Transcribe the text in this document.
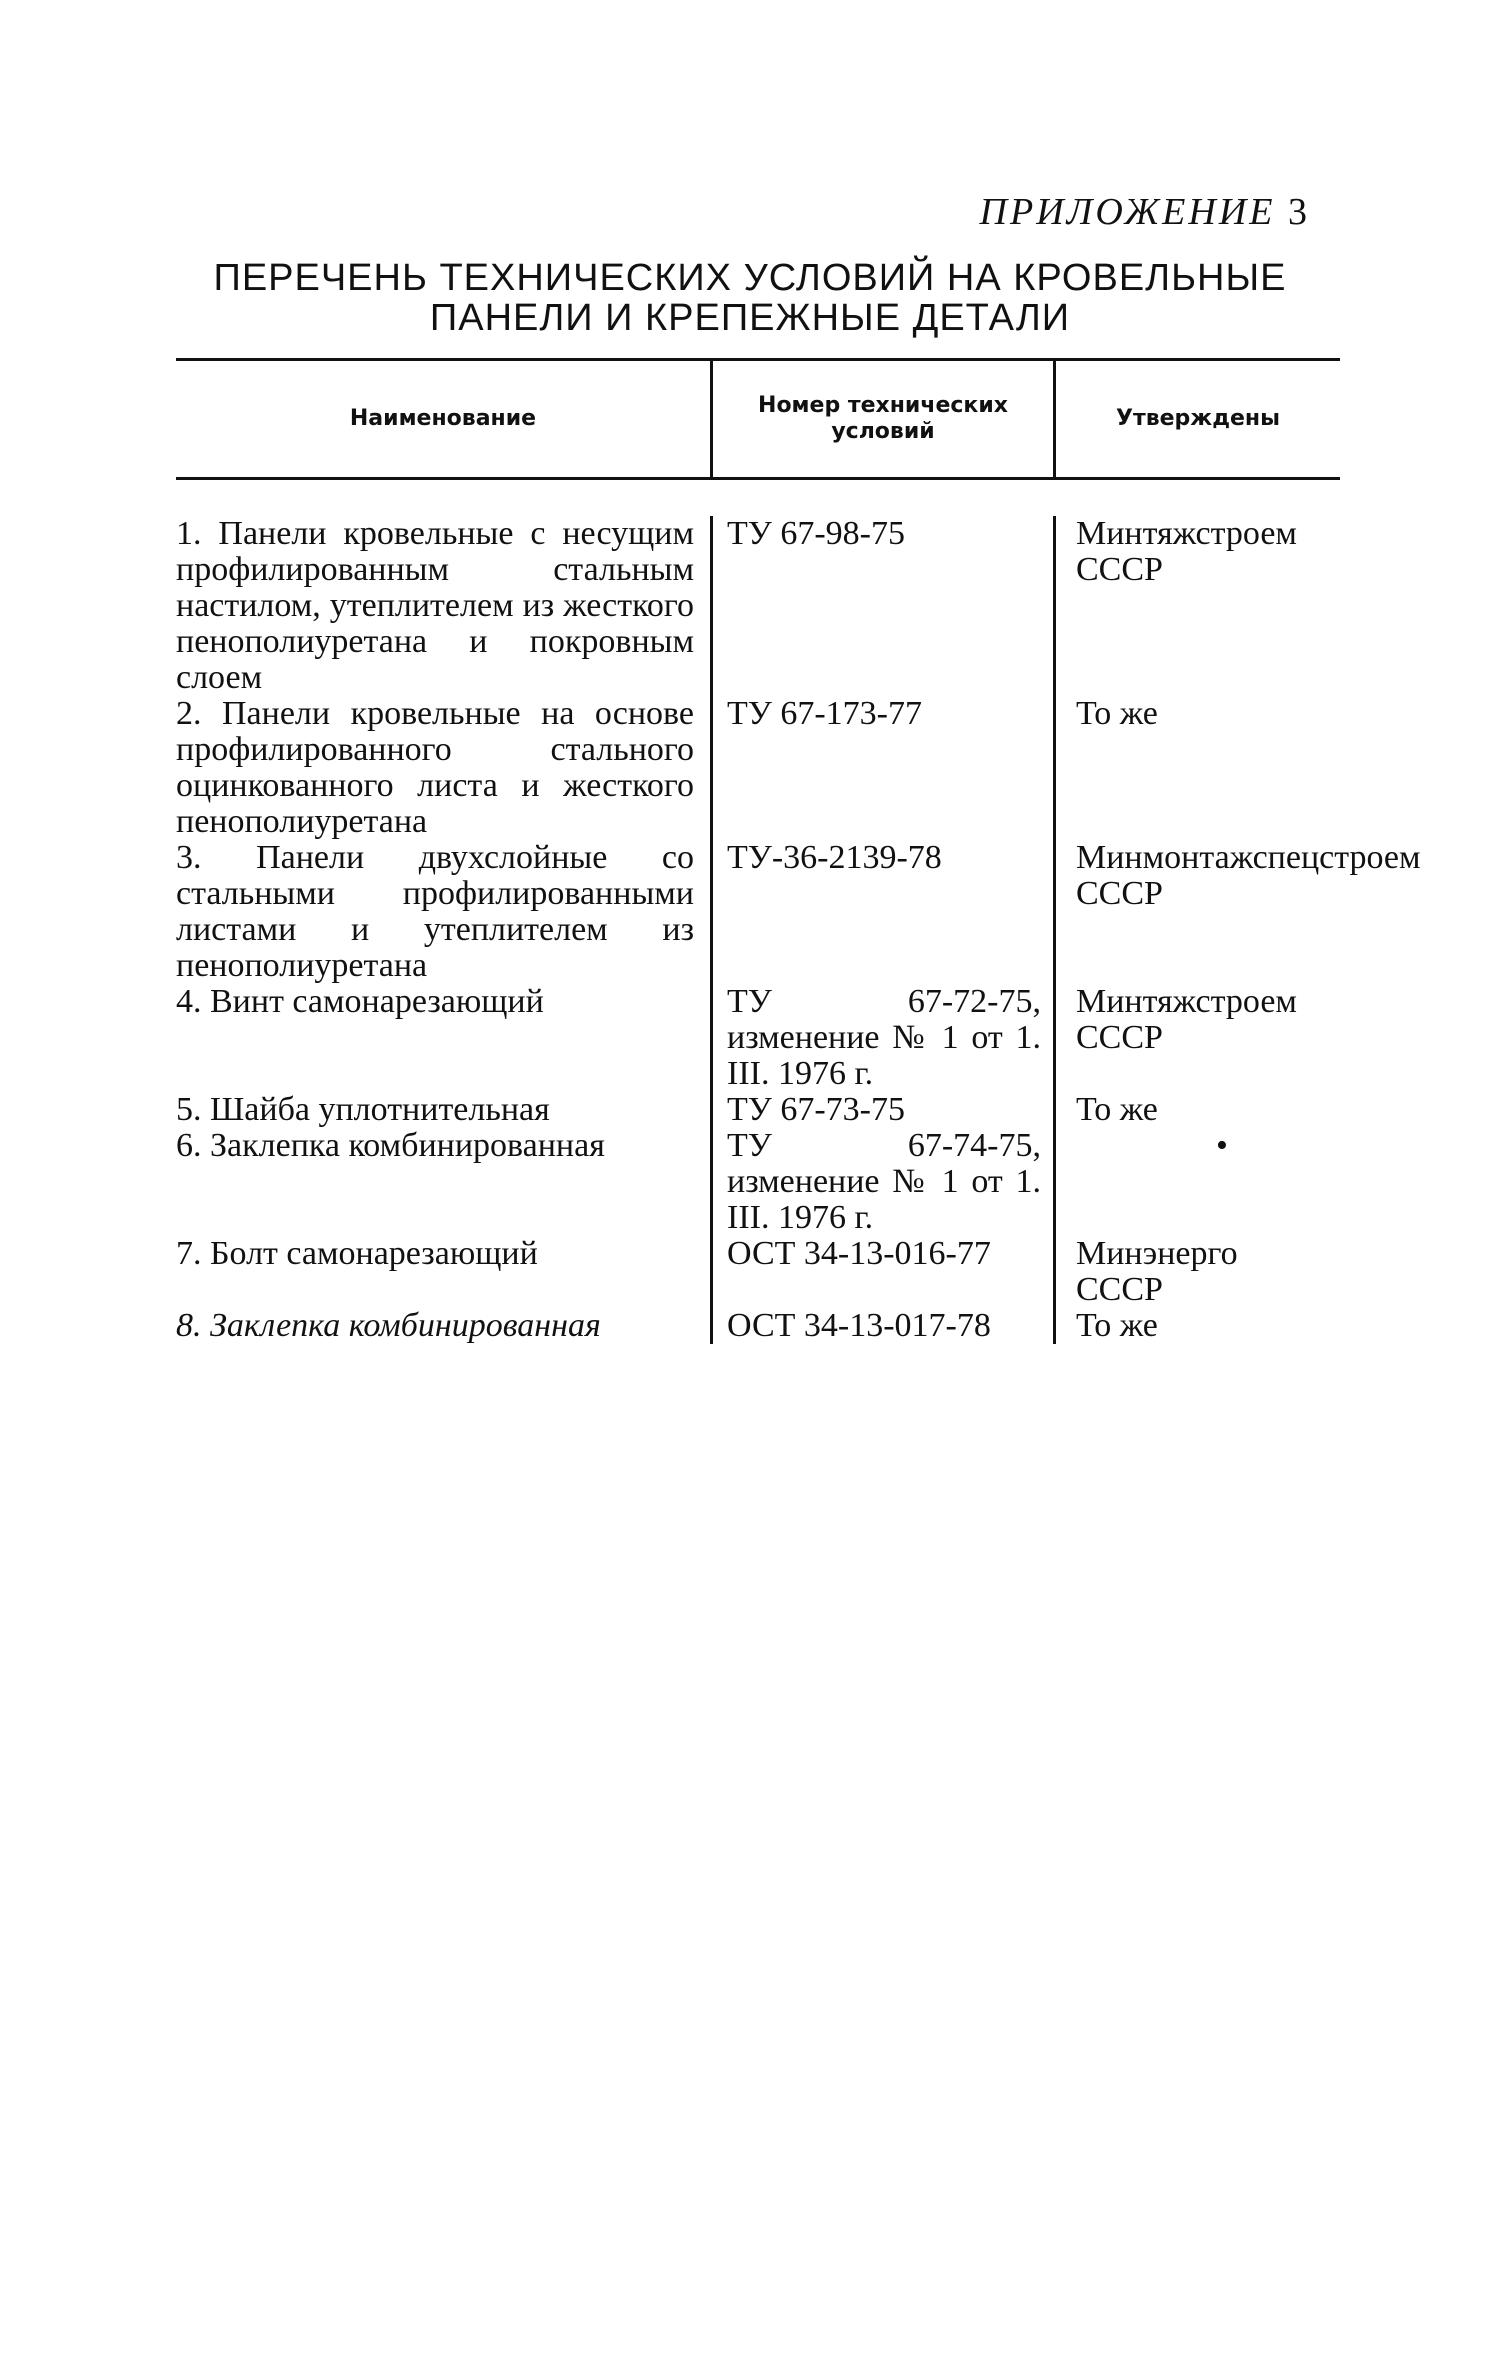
ПРИЛОЖЕНИЕ 3
ПЕРЕЧЕНЬ ТЕХНИЧЕСКИХ УСЛОВИЙ НА КРОВЕЛЬНЫЕ
ПАНЕЛИ И КРЕПЕЖНЫЕ ДЕТАЛИ
Наименование
Номер технических условий
Утверждены
1. Панели кровельные с несущим профилированным стальным настилом, утеплителем из жесткого пенополиуретана и покровным слоем
2. Панели кровельные на основе профилированного стального оцинкованного листа и жесткого пенополиуретана
3. Панели двухслойные со стальными профилированными листами и утеплителем из пенополиуретана
4. Винт самонарезающий
5. Шайба уплотнительная
6. Заклепка комбинированная
7. Болт самонарезающий
8. Заклепка комбинированная
ТУ 67-98-75
ТУ 67-173-77
ТУ-36-2139-78
ТУ 67-72-75, изменение № 1 от 1. III. 1976 г.
ТУ 67-73-75
ТУ 67-74-75, изменение № 1 от 1. III. 1976 г.
ОСТ 34-13-016-77
ОСТ 34-13-017-78
Минтяжстроем СССР
То же
Минмонтажспецстроем СССР
Минтяжстроем СССР
То же
•
Минэнерго СССР
То же
